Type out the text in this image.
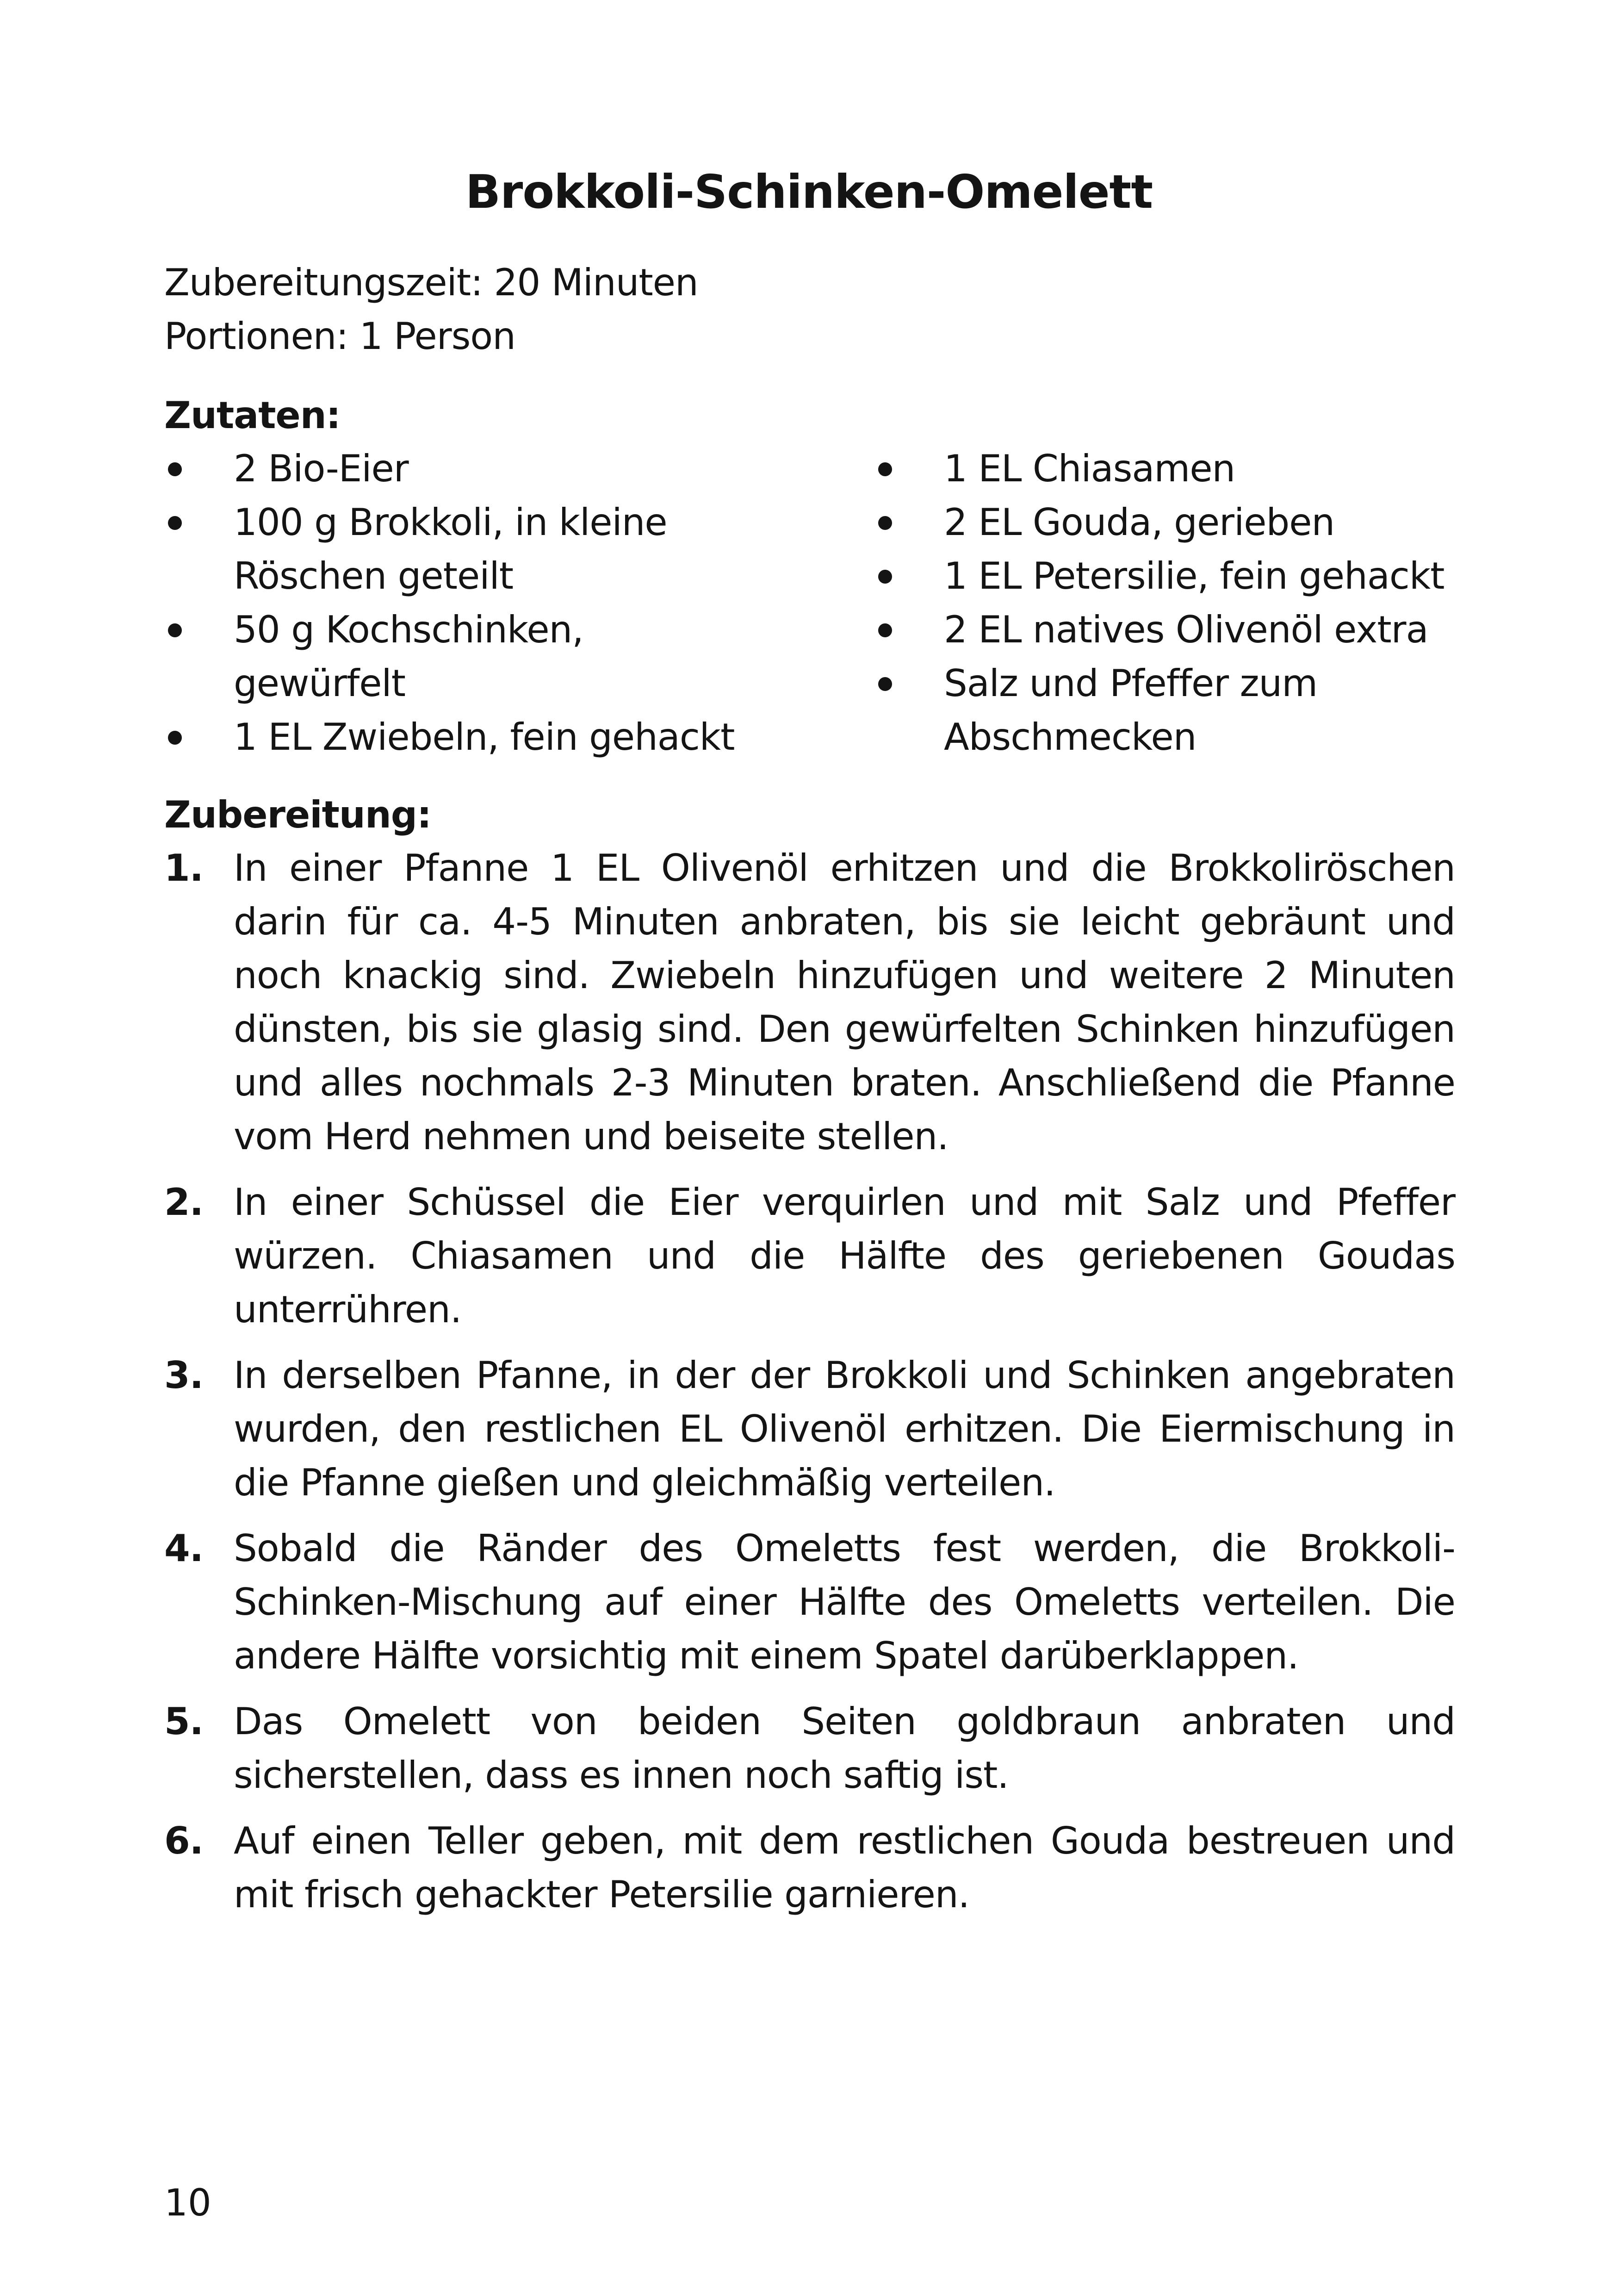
Brokkoli-Schinken-Omelett
Zubereitungszeit: 20 Minuten
Portionen: 1 Person
Zutaten:
2 Bio-Eier
100 g Brokkoli, in kleine Röschen geteilt
50 g Kochschinken, gewürfelt
1 EL Zwiebeln, fein gehackt
1 EL Chiasamen
2 EL Gouda, gerieben
1 EL Petersilie, fein gehackt
2 EL natives Olivenöl extra
Salz und Pfeffer zum Abschmecken
Zubereitung:
1. In einer Pfanne 1 EL Olivenöl erhitzen und die Brokkoliröschen darin für ca. 4-5 Minuten anbraten, bis sie leicht gebräunt und noch knackig sind. Zwiebeln hinzufügen und weitere 2 Minuten dünsten, bis sie glasig sind. Den gewürfelten Schinken hinzufügen und alles nochmals 2-3 Minuten braten. Anschließend die Pfanne vom Herd nehmen und beiseite stellen.
2. In einer Schüssel die Eier verquirlen und mit Salz und Pfeffer würzen. Chiasamen und die Hälfte des geriebenen Goudas unterrühren.
3. In derselben Pfanne, in der der Brokkoli und Schinken angebraten wurden, den restlichen EL Olivenöl erhitzen. Die Eiermischung in die Pfanne gießen und gleichmäßig verteilen.
4. Sobald die Ränder des Omeletts fest werden, die Brokkoli-Schinken-Mischung auf einer Hälfte des Omeletts verteilen. Die andere Hälfte vorsichtig mit einem Spatel darüberklappen.
5. Das Omelett von beiden Seiten goldbraun anbraten und sicherstellen, dass es innen noch saftig ist.
6. Auf einen Teller geben, mit dem restlichen Gouda bestreuen und mit frisch gehackter Petersilie garnieren.
10
